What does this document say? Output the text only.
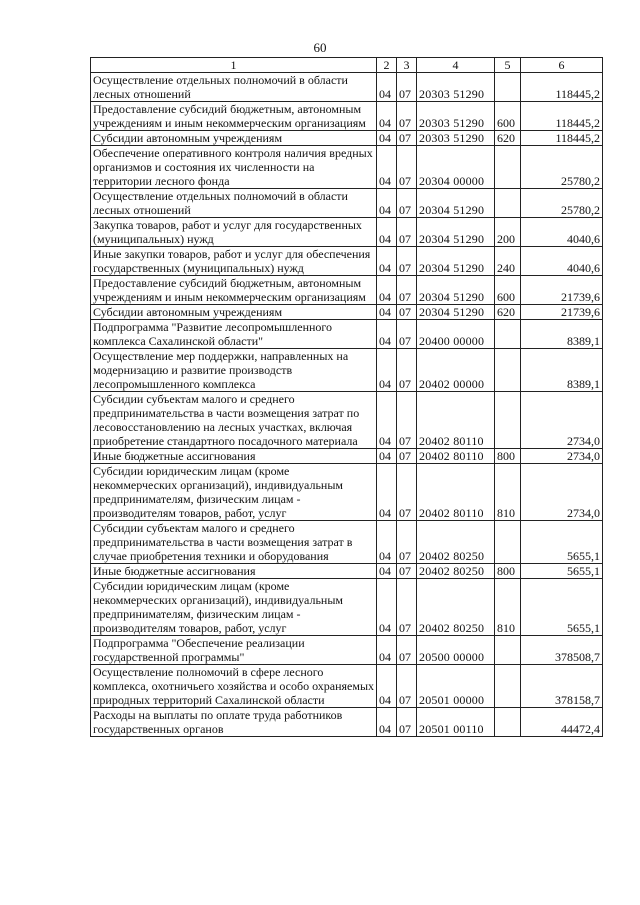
60
1	2	3	4	5	6
Осуществление отдельных полномочий в области лесных отношений	04	07	20303 51290		118445,2
Предоставление субсидий бюджетным, автономным учреждениям и иным некоммерческим организациям	04	07	20303 51290	600	118445,2
Субсидии автономным учреждениям	04	07	20303 51290	620	118445,2
Обеспечение оперативного контроля наличия вредных организмов и состояния их численности на территории лесного фонда	04	07	20304 00000		25780,2
Осуществление отдельных полномочий в области лесных отношений	04	07	20304 51290		25780,2
Закупка товаров, работ и услуг для государственных (муниципальных) нужд	04	07	20304 51290	200	4040,6
Иные закупки товаров, работ и услуг для обеспечения государственных (муниципальных) нужд	04	07	20304 51290	240	4040,6
Предоставление субсидий бюджетным, автономным учреждениям и иным некоммерческим организациям	04	07	20304 51290	600	21739,6
Субсидии автономным учреждениям	04	07	20304 51290	620	21739,6
Подпрограмма "Развитие лесопромышленного комплекса Сахалинской области"	04	07	20400 00000		8389,1
Осуществление мер поддержки, направленных на модернизацию и развитие производств лесопромышленного комплекса	04	07	20402 00000		8389,1
Субсидии субъектам малого и среднего предпринимательства в части возмещения затрат по лесовосстановлению на лесных участках, включая приобретение стандартного посадочного материала	04	07	20402 80110		2734,0
Иные бюджетные ассигнования	04	07	20402 80110	800	2734,0
Субсидии юридическим лицам (кроме некоммерческих организаций), индивидуальным предпринимателям, физическим лицам - производителям товаров, работ, услуг	04	07	20402 80110	810	2734,0
Субсидии субъектам малого и среднего предпринимательства в части возмещения затрат в случае приобретения техники и оборудования	04	07	20402 80250		5655,1
Иные бюджетные ассигнования	04	07	20402 80250	800	5655,1
Субсидии юридическим лицам (кроме некоммерческих организаций), индивидуальным предпринимателям, физическим лицам - производителям товаров, работ, услуг	04	07	20402 80250	810	5655,1
Подпрограмма "Обеспечение реализации государственной программы"	04	07	20500 00000		378508,7
Осуществление полномочий в сфере лесного комплекса, охотничьего хозяйства и особо охраняемых природных территорий Сахалинской области	04	07	20501 00000		378158,7
Расходы на выплаты по оплате труда работников государственных органов	04	07	20501 00110		44472,4
